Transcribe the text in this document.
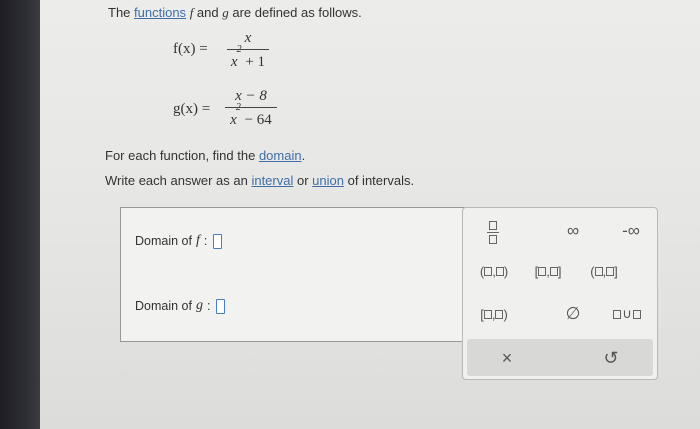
The functions f and g are defined as follows.
f(x) =
x
$x^2 + 1$
g(x) =
x − 8
$x^2 - 64$
For each function, find the domain.
Write each answer as an interval or union of intervals.
Domain of f :
Domain of g :
∞	-∞
( , ) [ , ] ( , ]
[ , )	∅	∪
×	↺
